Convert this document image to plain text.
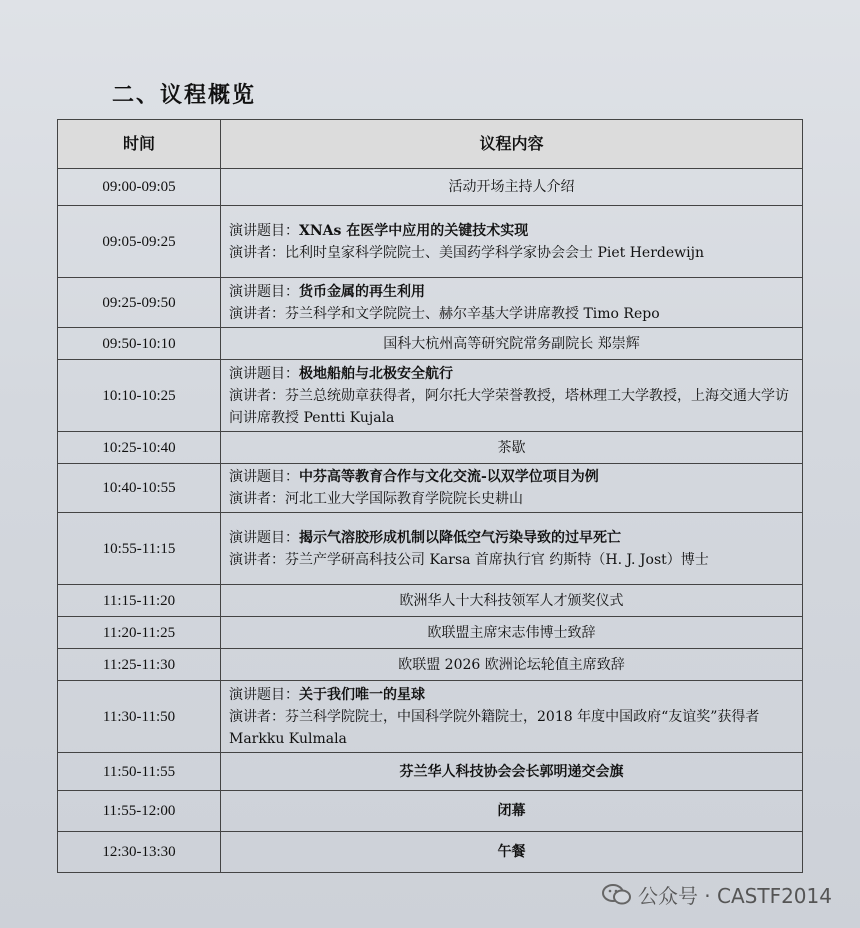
二、议程概览
时间	议程内容
09:00-09:05	活动开场主持人介绍
09:05-09:25	演讲题目：XNAs 在医学中应用的关键技术实现
演讲者：比利时皇家科学院院士、美国药学科学家协会会士 Piet Herdewijn

09:25-09:50	演讲题目：货币金属的再生利用
演讲者：芬兰科学和文学院院士、赫尔辛基大学讲席教授 Timo Repo

09:50-10:10	国科大杭州高等研究院常务副院长 郑崇辉
10:10-10:25	演讲题目：极地船舶与北极安全航行
演讲者：芬兰总统勋章获得者，阿尔托大学荣誉教授，塔林理工大学教授，上海交通大学访问讲席教授 Pentti Kujala

10:25-10:40	茶歇
10:40-10:55	演讲题目：中芬高等教育合作与文化交流-以双学位项目为例
演讲者：河北工业大学国际教育学院院长史耕山

10:55-11:15	演讲题目：揭示气溶胶形成机制以降低空气污染导致的过早死亡
演讲者：芬兰产学研高科技公司 Karsa 首席执行官 约斯特（H. J. Jost）博士

11:15-11:20	欧洲华人十大科技领军人才颁奖仪式
11:20-11:25	欧联盟主席宋志伟博士致辞
11:25-11:30	欧联盟 2026 欧洲论坛轮值主席致辞
11:30-11:50	演讲题目：关于我们唯一的星球
演讲者：芬兰科学院院士，中国科学院外籍院士，2018 年度中国政府“友谊奖”获得者 Markku Kulmala

11:50-11:55	芬兰华人科技协会会长郭明递交会旗
11:55-12:00	闭幕
12:30-13:30	午餐
公众号 · CASTF2014
